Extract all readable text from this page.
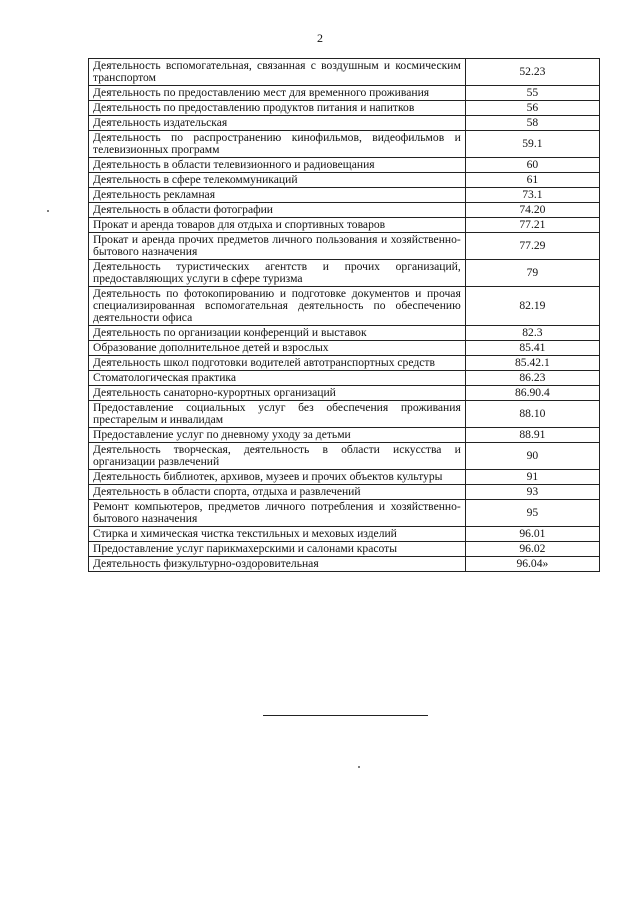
2
Деятельность вспомогательная, связанная с воздушным и космическим транспортом	52.23
Деятельность по предоставлению мест для временного проживания	55
Деятельность по предоставлению продуктов питания и напитков	56
Деятельность издательская	58
Деятельность по распространению кинофильмов, видеофильмов и телевизионных программ	59.1
Деятельность в области телевизионного и радиовещания	60
Деятельность в сфере телекоммуникаций	61
Деятельность рекламная	73.1
Деятельность в области фотографии	74.20
Прокат и аренда товаров для отдыха и спортивных товаров	77.21
Прокат и аренда прочих предметов личного пользования и хозяйственно-бытового назначения	77.29
Деятельность туристических агентств и прочих организаций, предоставляющих услуги в сфере туризма	79
Деятельность по фотокопированию и подготовке документов и прочая специализированная вспомогательная деятельность по обеспечению деятельности офиса	82.19
Деятельность по организации конференций и выставок	82.3
Образование дополнительное детей и взрослых	85.41
Деятельность школ подготовки водителей автотранспортных средств	85.42.1
Стоматологическая практика	86.23
Деятельность санаторно-курортных организаций	86.90.4
Предоставление социальных услуг без обеспечения проживания престарелым и инвалидам	88.10
Предоставление услуг по дневному уходу за детьми	88.91
Деятельность творческая, деятельность в области искусства и организации развлечений	90
Деятельность библиотек, архивов, музеев и прочих объектов культуры	91
Деятельность в области спорта, отдыха и развлечений	93
Ремонт компьютеров, предметов личного потребления и хозяйственно-бытового назначения	95
Стирка и химическая чистка текстильных и меховых изделий	96.01
Предоставление услуг парикмахерскими и салонами красоты	96.02
Деятельность физкультурно-оздоровительная	96.04»
